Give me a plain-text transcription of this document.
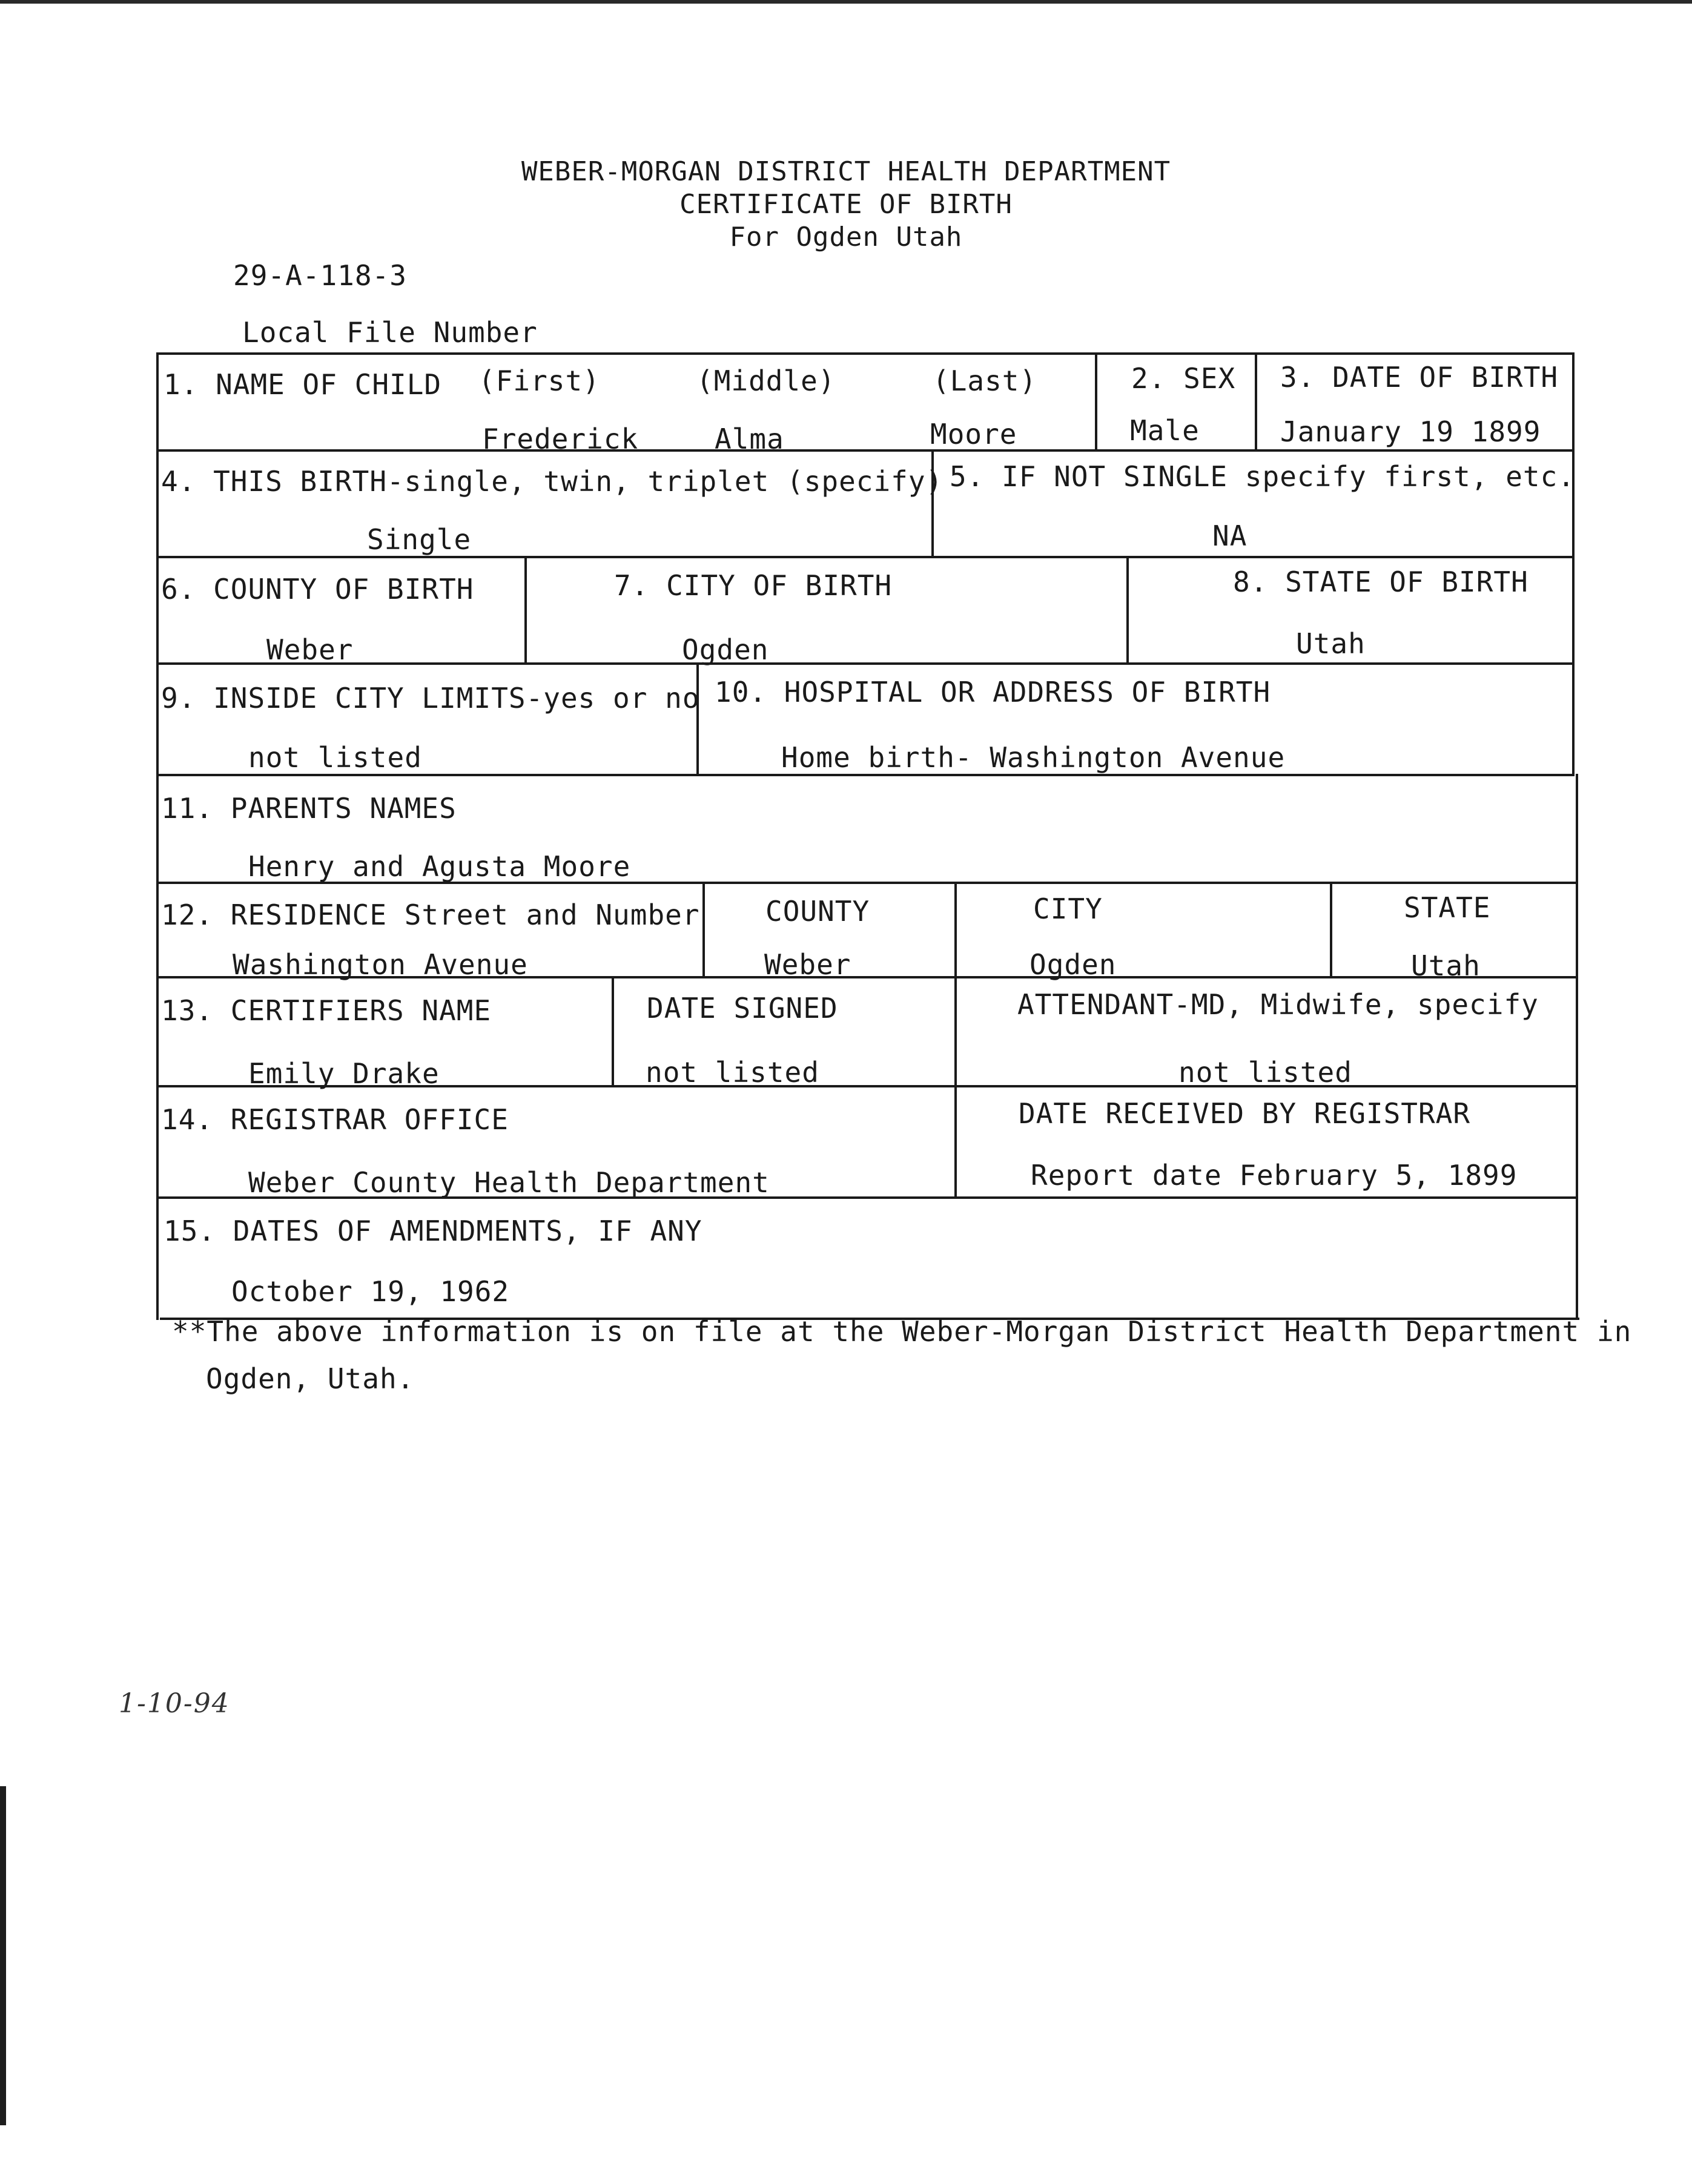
WEBER-MORGAN DISTRICT HEALTH DEPARTMENT
CERTIFICATE OF BIRTH
For Ogden Utah
29-A-118-3
Local File Number
1. NAME OF CHILD (First)	(Middle)	(Last)
Frederick	Alma	Moore
2. SEX
Male
3. DATE OF BIRTH
January 19 1899
4. THIS BIRTH-single, twin, triplet (specify)
Single
5. IF NOT SINGLE specify first, etc.
NA
6. COUNTY OF BIRTH
Weber
7. CITY OF BIRTH
Ogden
8. STATE OF BIRTH
Utah
9. INSIDE CITY LIMITS-yes or no
not listed
10. HOSPITAL OR ADDRESS OF BIRTH
Home birth- Washington Avenue
11. PARENTS NAMES
Henry and Agusta Moore
12. RESIDENCE Street and Number
Washington Avenue
COUNTY
Weber
CITY
Ogden
STATE
Utah
13. CERTIFIERS NAME
Emily Drake
DATE SIGNED
not listed
ATTENDANT-MD, Midwife, specify
not listed
14. REGISTRAR OFFICE
Weber County Health Department
DATE RECEIVED BY REGISTRAR
Report date February 5, 1899
15. DATES OF AMENDMENTS, IF ANY
October 19, 1962
**The above information is on file at the Weber-Morgan District Health Department in
Ogden, Utah.
1-10-94
